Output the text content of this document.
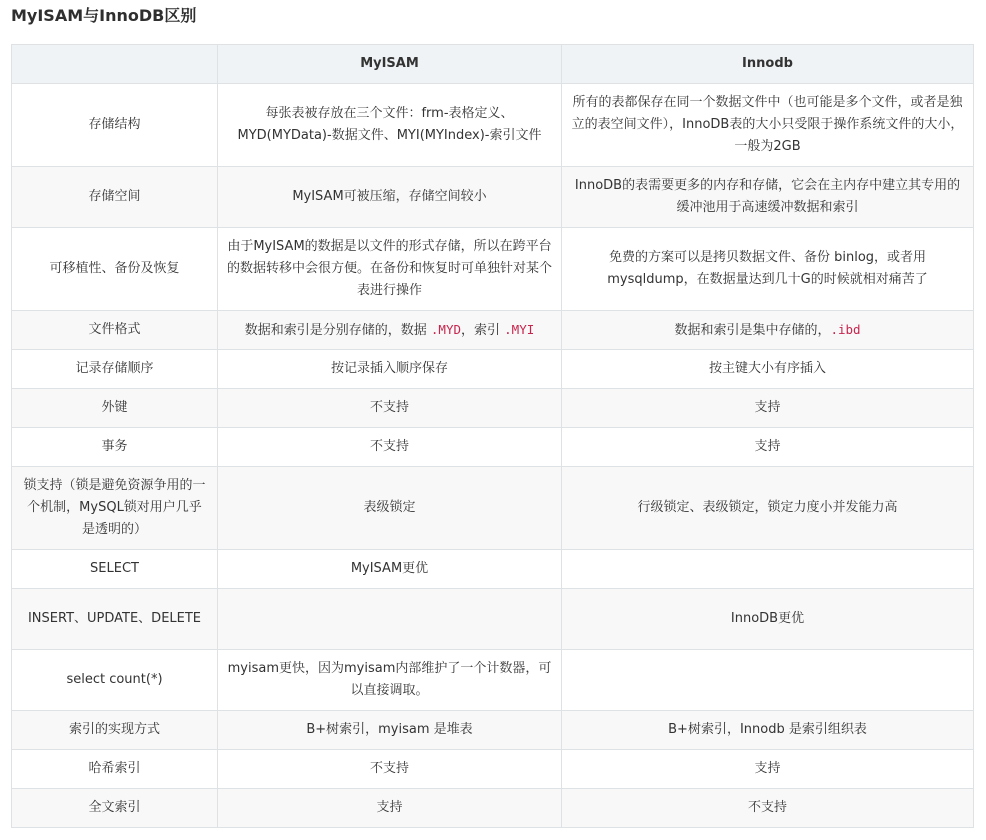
MyISAM与InnoDB区别
	MyISAM	Innodb
存储结构	每张表被存放在三个文件：frm-表格定义、MYD(MYData)-数据文件、MYI(MYIndex)-索引文件	所有的表都保存在同一个数据文件中（也可能是多个文件，或者是独立的表空间文件），InnoDB表的大小只受限于操作系统文件的大小，一般为2GB
存储空间	MyISAM可被压缩，存储空间较小	InnoDB的表需要更多的内存和存储，它会在主内存中建立其专用的缓冲池用于高速缓冲数据和索引
可移植性、备份及恢复	由于MyISAM的数据是以文件的形式存储，所以在跨平台的数据转移中会很方便。在备份和恢复时可单独针对某个表进行操作	免费的方案可以是拷贝数据文件、备份 binlog，或者用 mysqldump，在数据量达到几十G的时候就相对痛苦了
文件格式	数据和索引是分别存储的，数据 .MYD，索引 .MYI	数据和索引是集中存储的，.ibd
记录存储顺序	按记录插入顺序保存	按主键大小有序插入
外键	不支持	支持
事务	不支持	支持
锁支持（锁是避免资源争用的一个机制，MySQL锁对用户几乎是透明的）	表级锁定	行级锁定、表级锁定，锁定力度小并发能力高
SELECT	MyISAM更优	
INSERT、UPDATE、DELETE		InnoDB更优
select count(*)	myisam更快，因为myisam内部维护了一个计数器，可以直接调取。	
索引的实现方式	B+树索引，myisam 是堆表	B+树索引，Innodb 是索引组织表
哈希索引	不支持	支持
全文索引	支持	不支持
